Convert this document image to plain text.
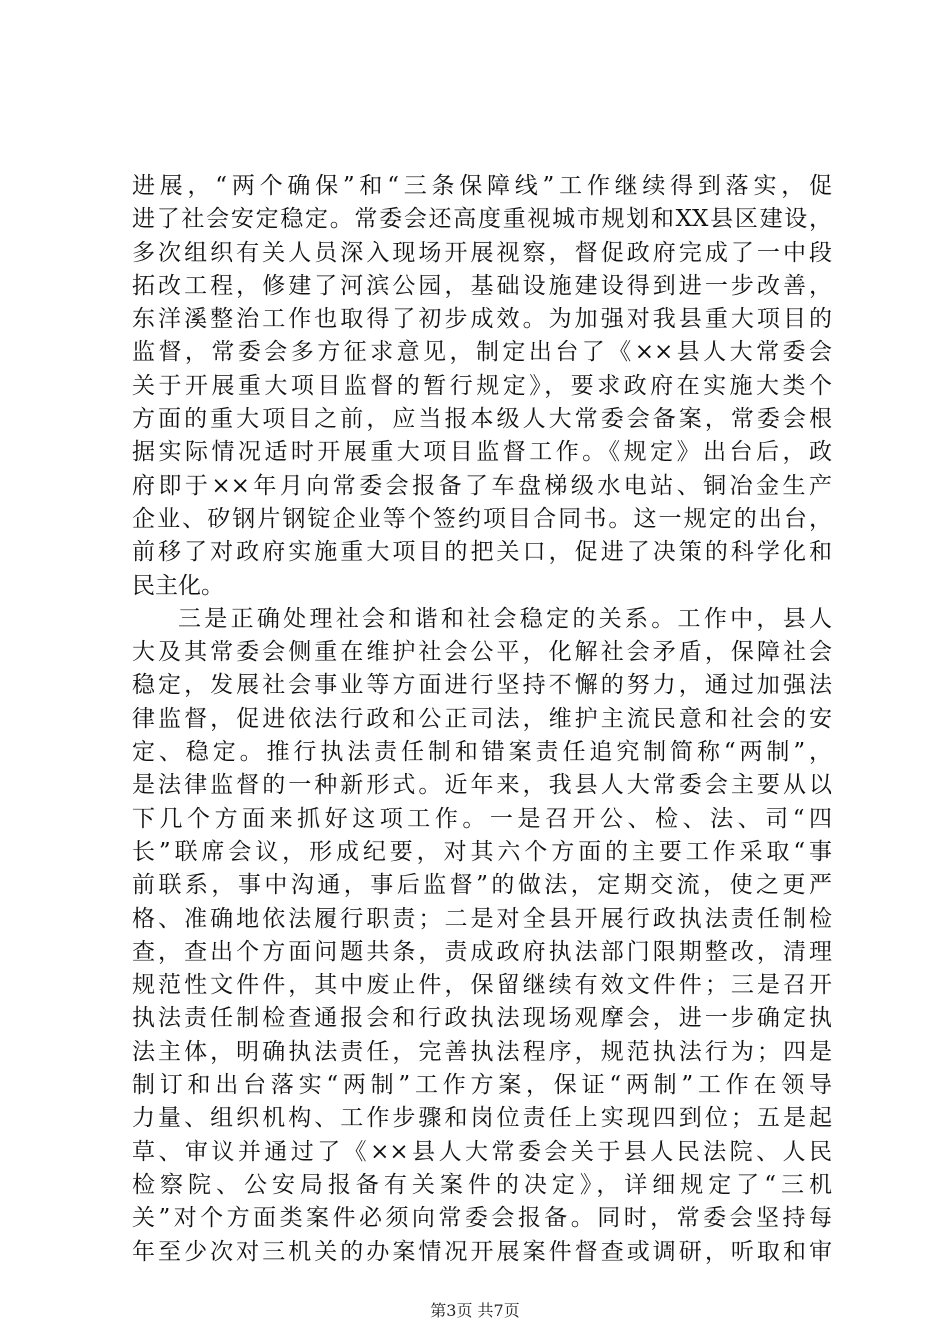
进展，“两个确保”和“三条保障线”工作继续得到落实，促
进了社会安定稳定。常委会还高度重视城市规划和XX县区建设，
多次组织有关人员深入现场开展视察，督促政府完成了一中段
拓改工程，修建了河滨公园，基础设施建设得到进一步改善，
东洋溪整治工作也取得了初步成效。为加强对我县重大项目的
监督，常委会多方征求意见，制定出台了《××县人大常委会
关于开展重大项目监督的暂行规定》，要求政府在实施大类个
方面的重大项目之前，应当报本级人大常委会备案，常委会根
据实际情况适时开展重大项目监督工作。《规定》出台后，政
府即于××年月向常委会报备了车盘梯级水电站、铜冶金生产
企业、矽钢片钢锭企业等个签约项目合同书。这一规定的出台，
前移了对政府实施重大项目的把关口，促进了决策的科学化和
民主化。
三是正确处理社会和谐和社会稳定的关系。工作中，县人
大及其常委会侧重在维护社会公平，化解社会矛盾，保障社会
稳定，发展社会事业等方面进行坚持不懈的努力，通过加强法
律监督，促进依法行政和公正司法，维护主流民意和社会的安
定、稳定。推行执法责任制和错案责任追究制简称“两制”，
是法律监督的一种新形式。近年来，我县人大常委会主要从以
下几个方面来抓好这项工作。一是召开公、检、法、司“四
长”联席会议，形成纪要，对其六个方面的主要工作采取“事
前联系，事中沟通，事后监督”的做法，定期交流，使之更严
格、准确地依法履行职责；二是对全县开展行政执法责任制检
查，查出个方面问题共条，责成政府执法部门限期整改，清理
规范性文件件，其中废止件，保留继续有效文件件；三是召开
执法责任制检查通报会和行政执法现场观摩会，进一步确定执
法主体，明确执法责任，完善执法程序，规范执法行为；四是
制订和出台落实“两制”工作方案，保证“两制”工作在领导
力量、组织机构、工作步骤和岗位责任上实现四到位；五是起
草、审议并通过了《××县人大常委会关于县人民法院、人民
检察院、公安局报备有关案件的决定》，详细规定了“三机
关”对个方面类案件必须向常委会报备。同时，常委会坚持每
年至少次对三机关的办案情况开展案件督查或调研，听取和审
第3页 共7页
